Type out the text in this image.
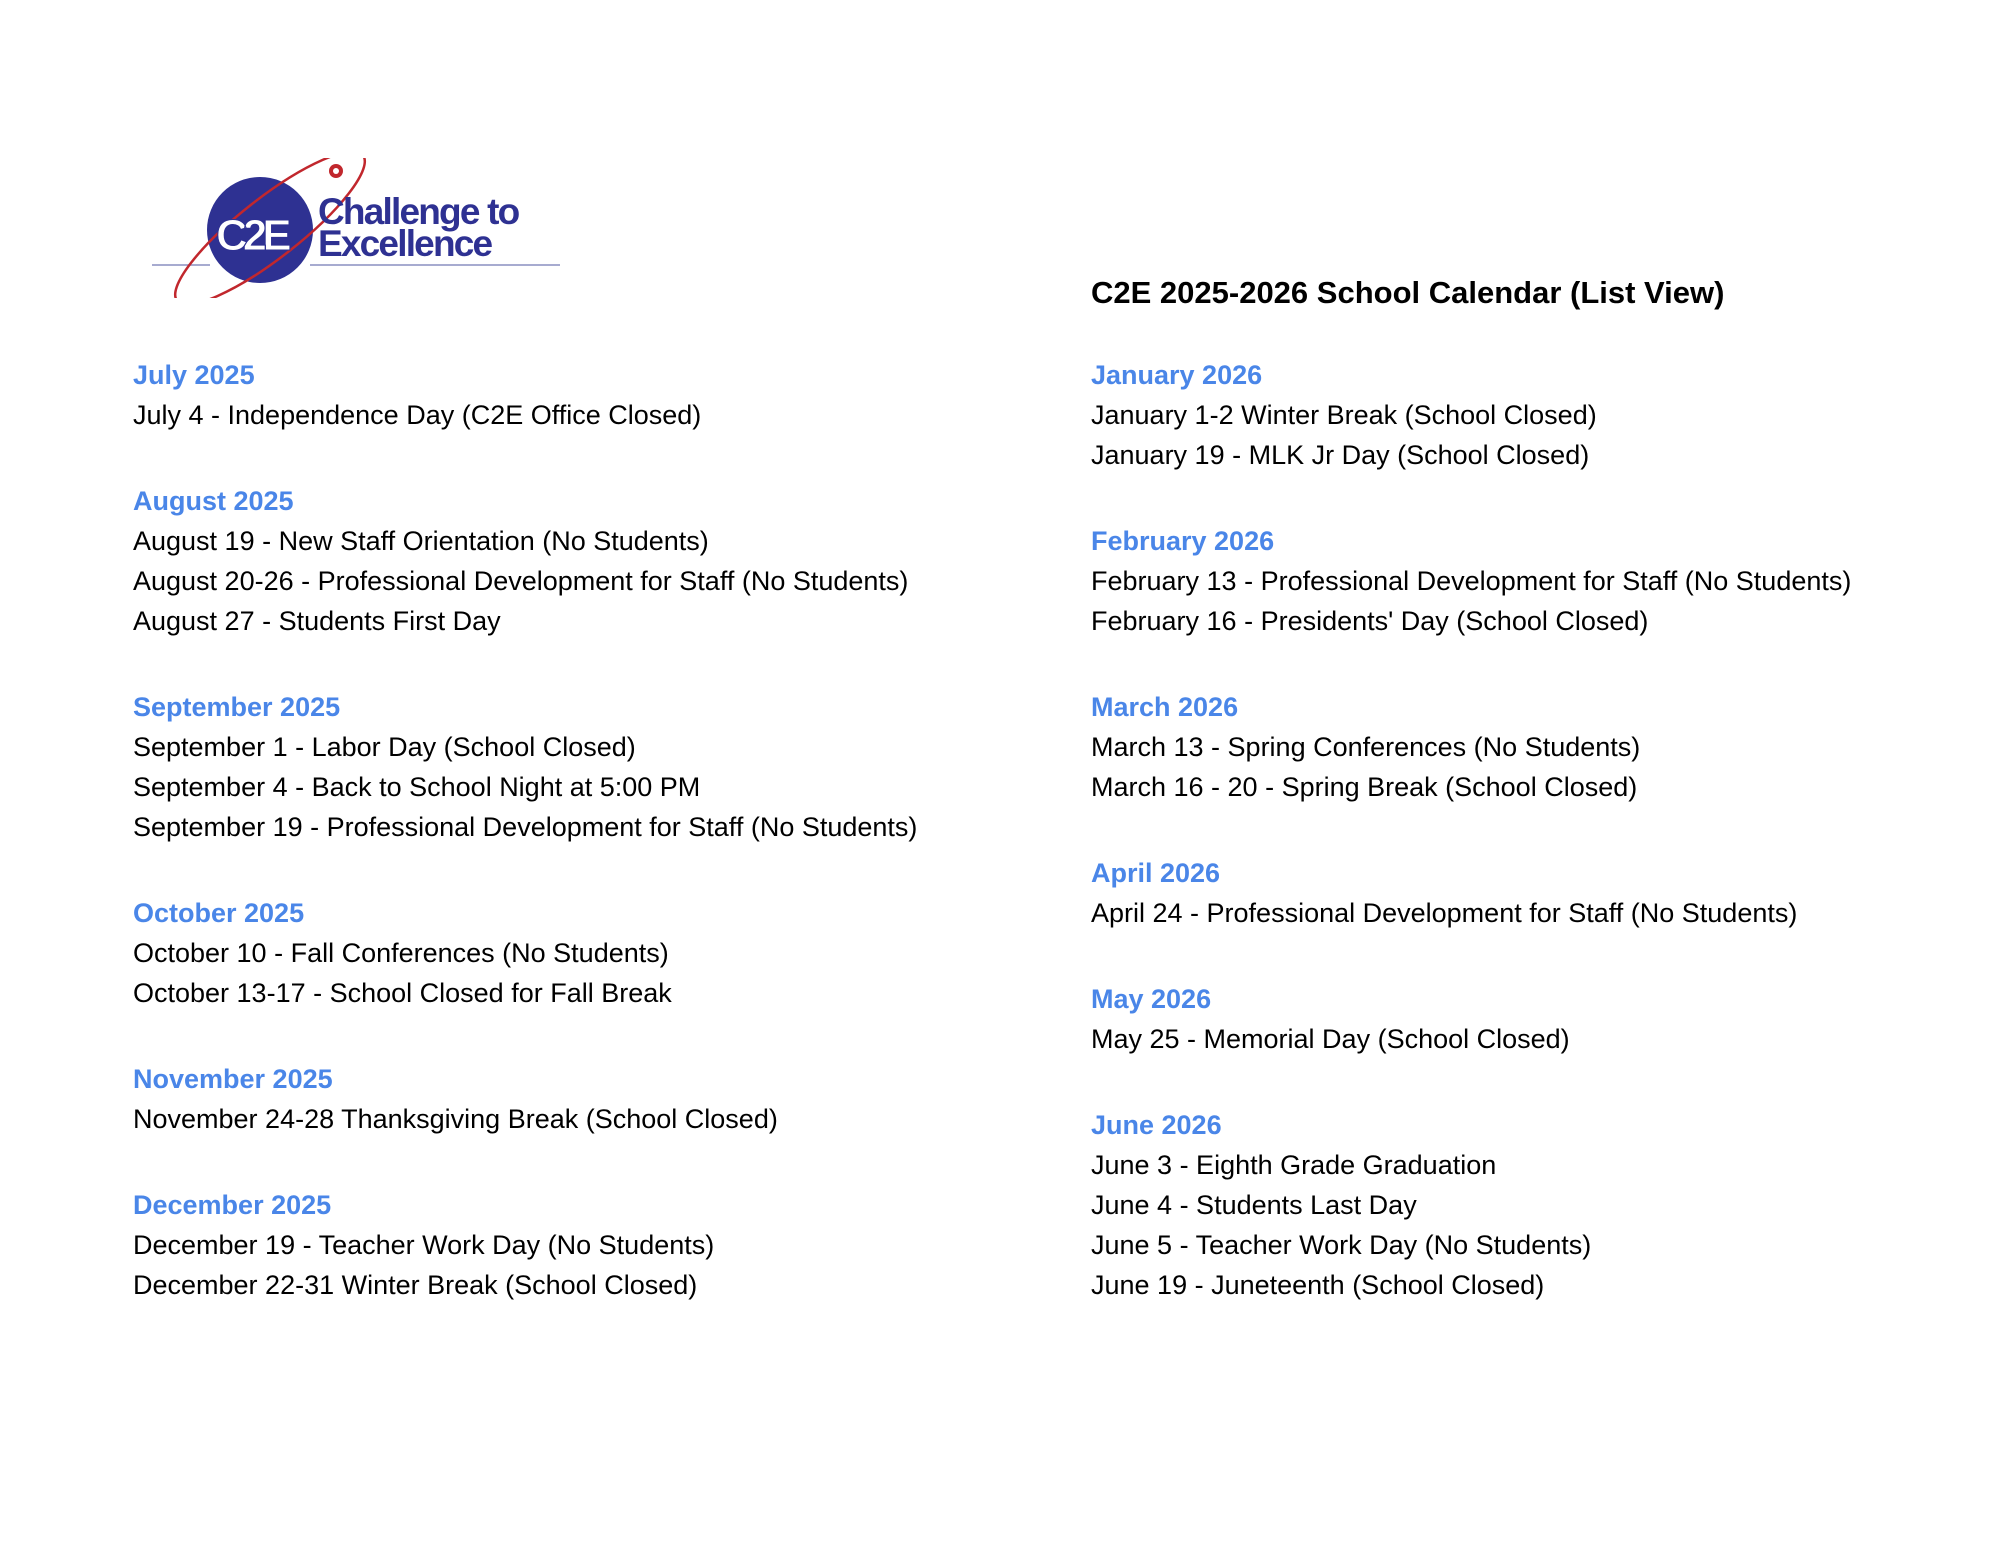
C2E Challenge to
Excellence
C2E 2025-2026 School Calendar (List View)
July 2025
July 4 - Independence Day (C2E Office Closed)
August 2025
August 19 - New Staff Orientation (No Students)
August 20-26 - Professional Development for Staff (No Students)
August 27 - Students First Day
September 2025
September 1 - Labor Day (School Closed)
September 4 - Back to School Night at 5:00 PM
September 19 - Professional Development for Staff (No Students)
October 2025
October 10 - Fall Conferences (No Students)
October 13-17 - School Closed for Fall Break
November 2025
November 24-28 Thanksgiving Break (School Closed)
December 2025
December 19 - Teacher Work Day (No Students)
December 22-31 Winter Break (School Closed)
January 2026
January 1-2 Winter Break (School Closed)
January 19 - MLK Jr Day (School Closed)
February 2026
February 13 - Professional Development for Staff (No Students)
February 16 - Presidents' Day (School Closed)
March 2026
March 13 - Spring Conferences (No Students)
March 16 - 20 - Spring Break (School Closed)
April 2026
April 24 - Professional Development for Staff (No Students)
May 2026
May 25 - Memorial Day (School Closed)
June 2026
June 3 - Eighth Grade Graduation
June 4 - Students Last Day
June 5 - Teacher Work Day (No Students)
June 19 - Juneteenth (School Closed)
